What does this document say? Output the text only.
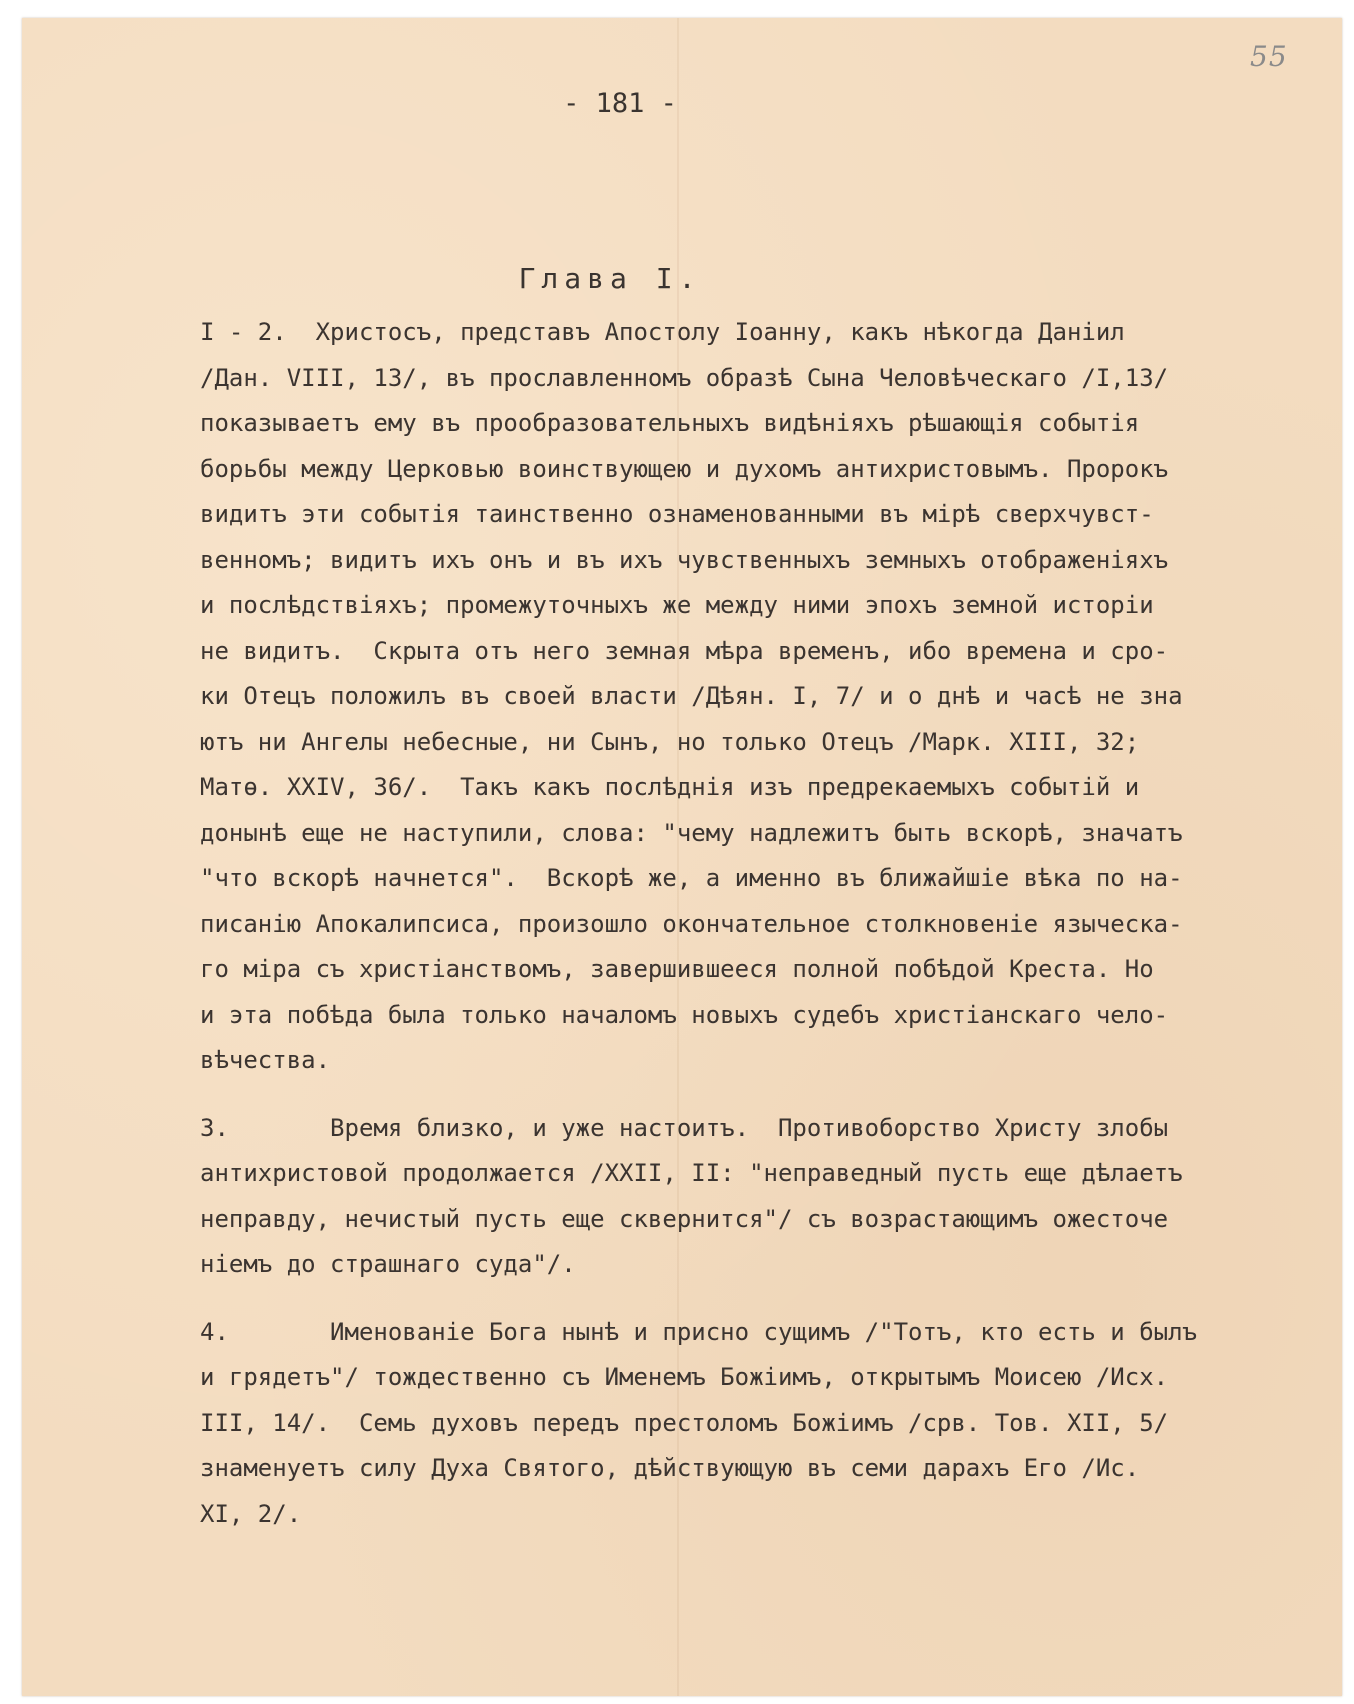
55
- 181 -
Глава I.
I - 2.  Христосъ, представъ Апостолу Іоанну, какъ нѣкогда Даніил
/Дан. VIII, 13/, въ прославленномъ образѣ Сына Человѣческаго /I,13/
показываетъ ему въ прообразовательныхъ видѣніяхъ рѣшающія событія
борьбы между Церковью воинствующею и духомъ антихристовымъ. Пророкъ
видитъ эти событія таинственно ознаменованными въ мірѣ сверхчувст-
венномъ; видитъ ихъ онъ и въ ихъ чувственныхъ земныхъ отображеніяхъ
и послѣдствіяхъ; промежуточныхъ же между ними эпохъ земной исторіи
не видитъ.  Скрыта отъ него земная мѣра временъ, ибо времена и сро-
ки Отецъ положилъ въ своей власти /Дѣян. I, 7/ и о днѣ и часѣ не зна
ютъ ни Ангелы небесные, ни Сынъ, но только Отецъ /Марк. XIII, 32;
Матѳ. XXIV, 36/.  Такъ какъ послѣднія изъ предрекаемыхъ событій и
донынѣ еще не наступили, слова: "чему надлежитъ быть вскорѣ, значатъ
"что вскорѣ начнется".  Вскорѣ же, а именно въ ближайшіе вѣка по на-
писанію Апокалипсиса, произошло окончательное столкновеніе языческа-
го міра съ христіанствомъ, завершившееся полной побѣдой Креста. Но
и эта побѣда была только началомъ новыхъ судебъ христіанскаго чело-
вѣчества.
3.       Время близко, и уже настоитъ.  Противоборство Христу злобы
антихристовой продолжается /XXII, II: "неправедный пусть еще дѣлаетъ
неправду, нечистый пусть еще сквернится"/ съ возрастающимъ ожесточе
ніемъ до страшнаго суда"/.
4.       Именованіе Бога нынѣ и присно сущимъ /"Тотъ, кто есть и былъ
и грядетъ"/ тождественно съ Именемъ Божіимъ, открытымъ Моисею /Исх.
III, 14/.  Семь духовъ передъ престоломъ Божіимъ /срв. Тов. XII, 5/
знаменуетъ силу Духа Святого, дѣйствующую въ семи дарахъ Его /Ис.
XI, 2/.
